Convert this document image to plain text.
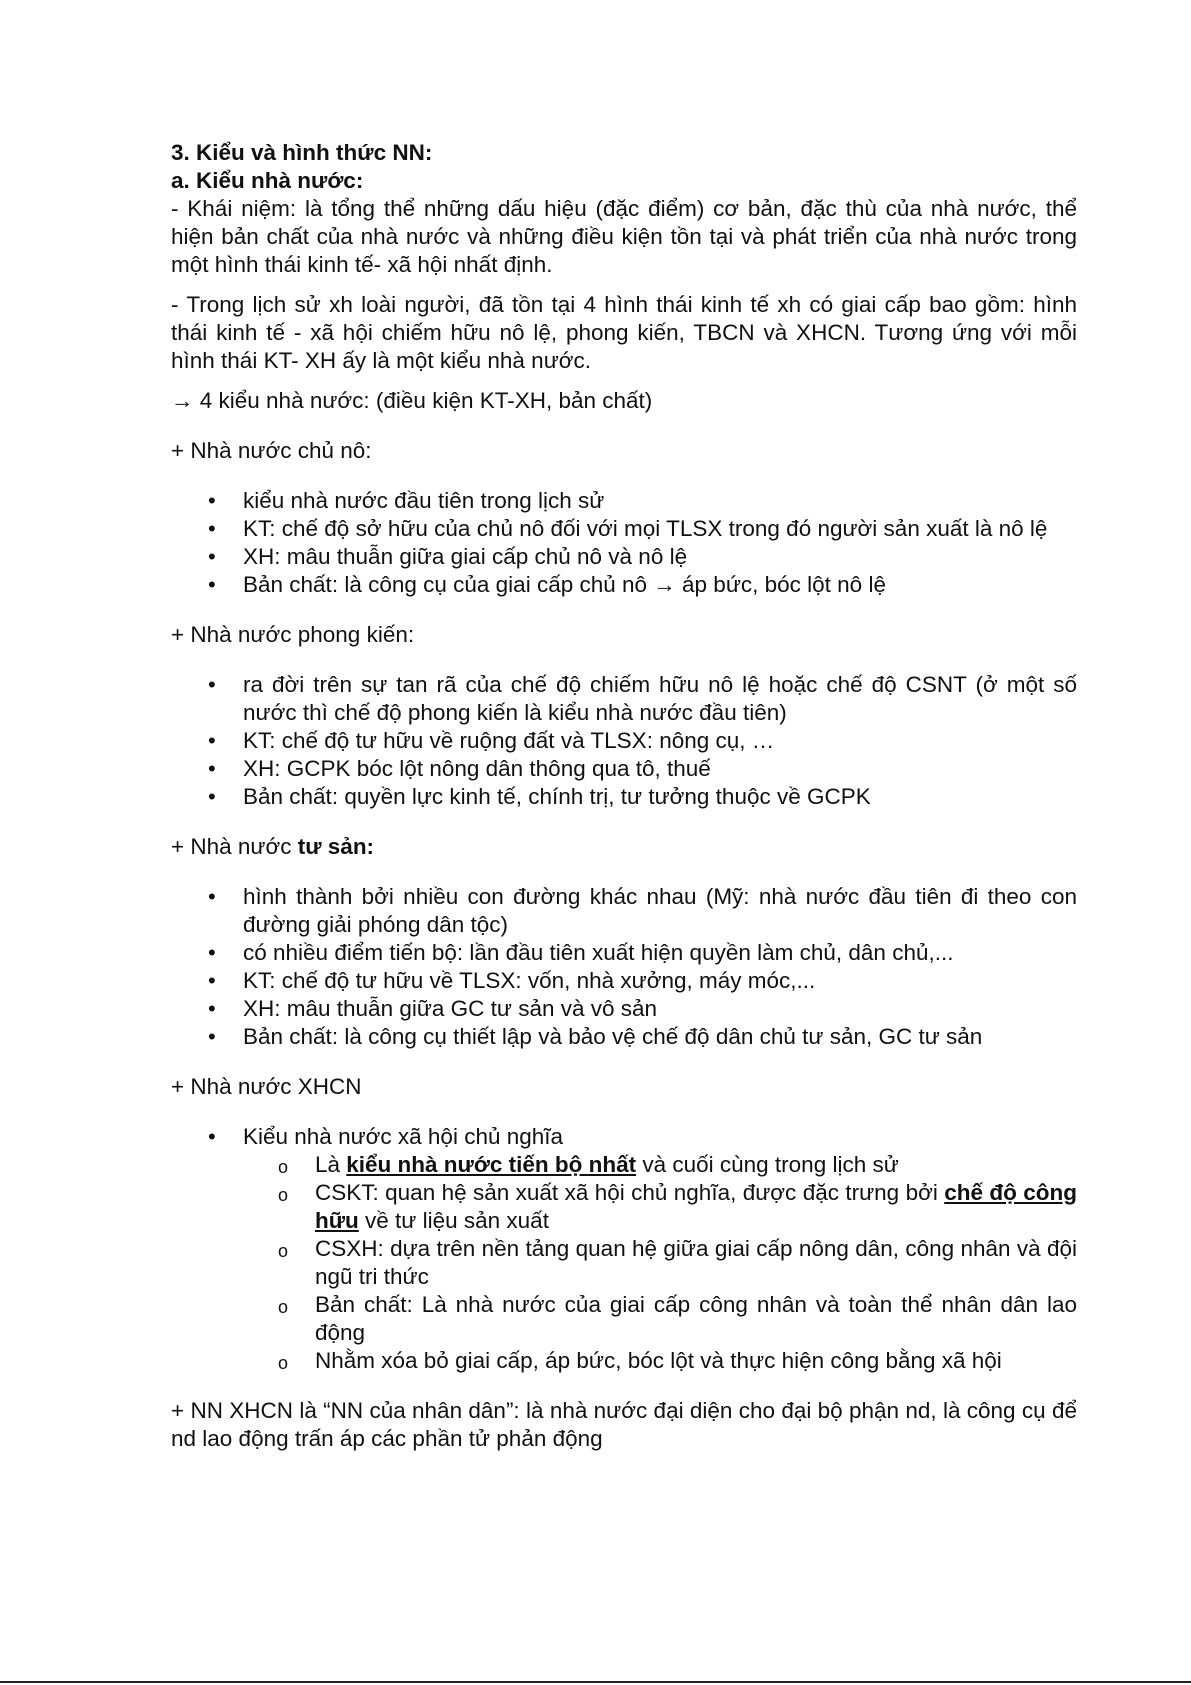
3. Kiểu và hình thức NN:

a. Kiểu nhà nước:

- Khái niệm: là tổng thể những dấu hiệu (đặc điểm) cơ bản, đặc thù của nhà nước, thể hiện bản chất của nhà nước và những điều kiện tồn tại và phát triển của nhà nước trong một hình thái kinh tế- xã hội nhất định.

- Trong lịch sử xh loài người, đã tồn tại 4 hình thái kinh tế xh có giai cấp bao gồm: hình thái kinh tế - xã hội chiếm hữu nô lệ, phong kiến, TBCN và XHCN. Tương ứng với mỗi hình thái KT- XH ấy là một kiểu nhà nước.

→ 4 kiểu nhà nước: (điều kiện KT-XH, bản chất)

+ Nhà nước chủ nô:

• kiểu nhà nước đầu tiên trong lịch sử
• KT: chế độ sở hữu của chủ nô đối với mọi TLSX trong đó người sản xuất là nô lệ
• XH: mâu thuẫn giữa giai cấp chủ nô và nô lệ
• Bản chất: là công cụ của giai cấp chủ nô → áp bức, bóc lột nô lệ

+ Nhà nước phong kiến:

• ra đời trên sự tan rã của chế độ chiếm hữu nô lệ hoặc chế độ CSNT (ở một số nước thì chế độ phong kiến là kiểu nhà nước đầu tiên)
• KT: chế độ tư hữu về ruộng đất và TLSX: nông cụ, …
• XH: GCPK bóc lột nông dân thông qua tô, thuế
• Bản chất: quyền lực kinh tế, chính trị, tư tưởng thuộc về GCPK

+ Nhà nước tư sản:

• hình thành bởi nhiều con đường khác nhau (Mỹ: nhà nước đầu tiên đi theo con đường giải phóng dân tộc)
• có nhiều điểm tiến bộ: lần đầu tiên xuất hiện quyền làm chủ, dân chủ,...
• KT: chế độ tư hữu về TLSX: vốn, nhà xưởng, máy móc,...
• XH: mâu thuẫn giữa GC tư sản và vô sản
• Bản chất: là công cụ thiết lập và bảo vệ chế độ dân chủ tư sản, GC tư sản

+ Nhà nước XHCN

• Kiểu nhà nước xã hội chủ nghĩa
o Là kiểu nhà nước tiến bộ nhất và cuối cùng trong lịch sử
o CSKT: quan hệ sản xuất xã hội chủ nghĩa, được đặc trưng bởi chế độ công hữu về tư liệu sản xuất
o CSXH: dựa trên nền tảng quan hệ giữa giai cấp nông dân, công nhân và đội ngũ tri thức
o Bản chất: Là nhà nước của giai cấp công nhân và toàn thể nhân dân lao động
o Nhằm xóa bỏ giai cấp, áp bức, bóc lột và thực hiện công bằng xã hội

+ NN XHCN là “NN của nhân dân”: là nhà nước đại diện cho đại bộ phận nd, là công cụ để nd lao động trấn áp các phần tử phản động
